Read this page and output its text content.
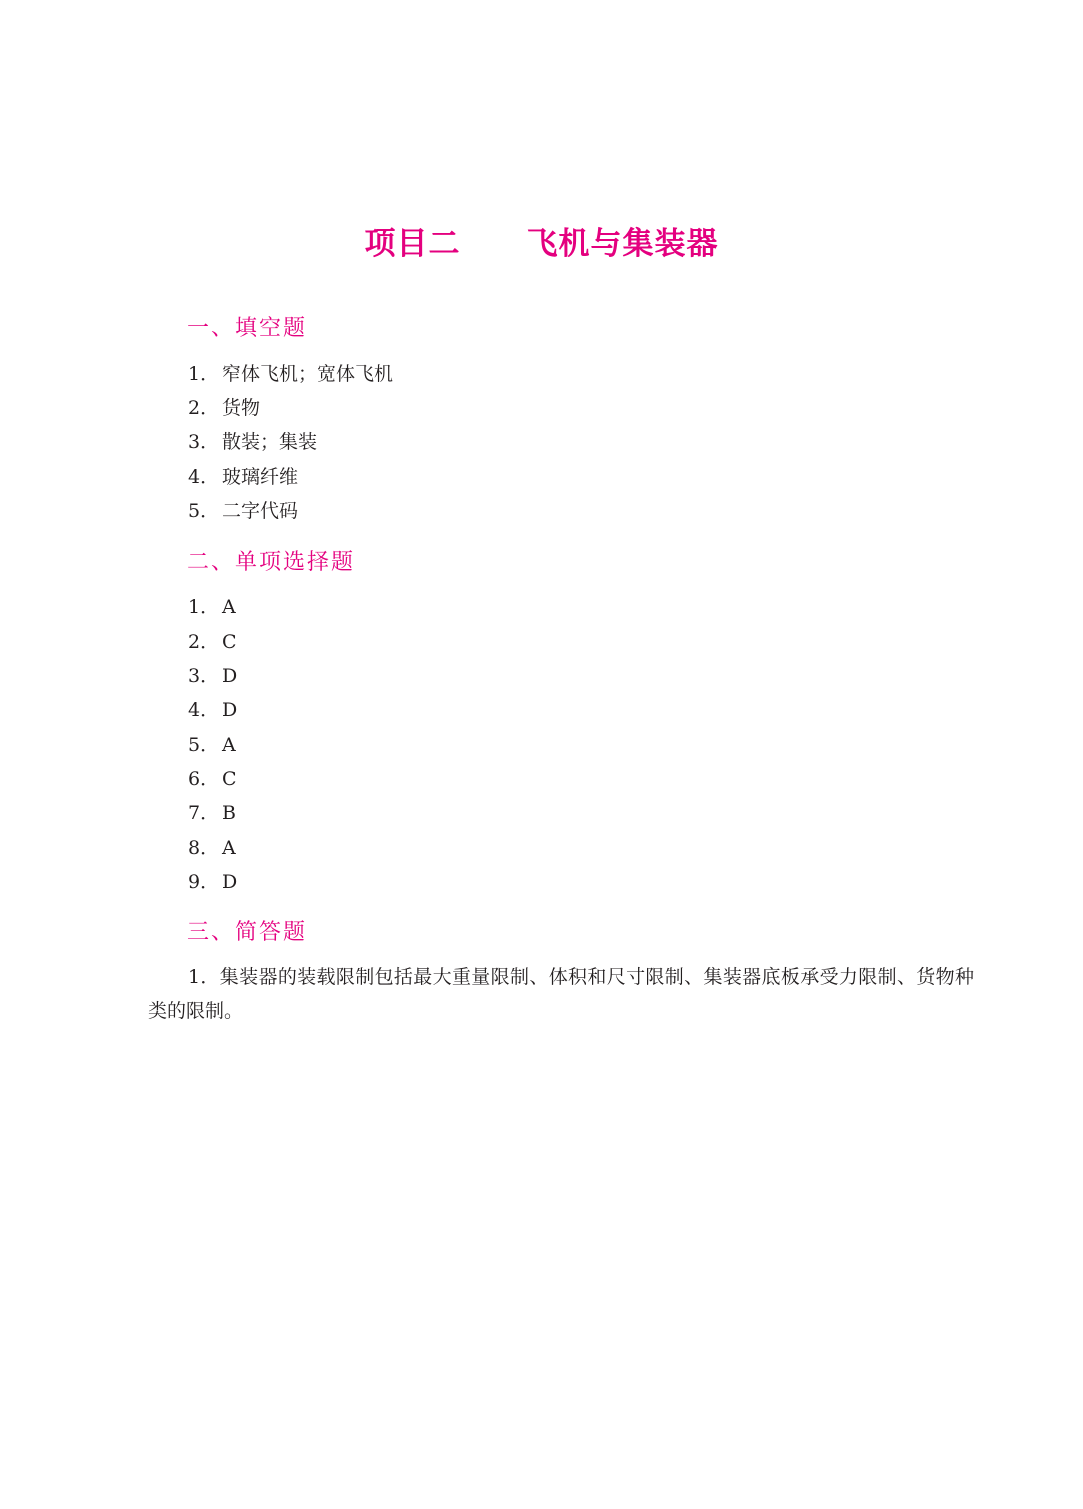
项目二 飞机与集装器
一、填空题
1． 窄体飞机；宽体飞机
2． 货物
3． 散装；集装
4． 玻璃纤维
5． 二字代码
二、单项选择题
1． A
2． C
3． D
4． D
5． A
6． C
7． B
8． A
9． D
三、简答题
1．集装器的装载限制包括最大重量限制、体积和尺寸限制、集装器底板承受力限制、货物种类的限制。
